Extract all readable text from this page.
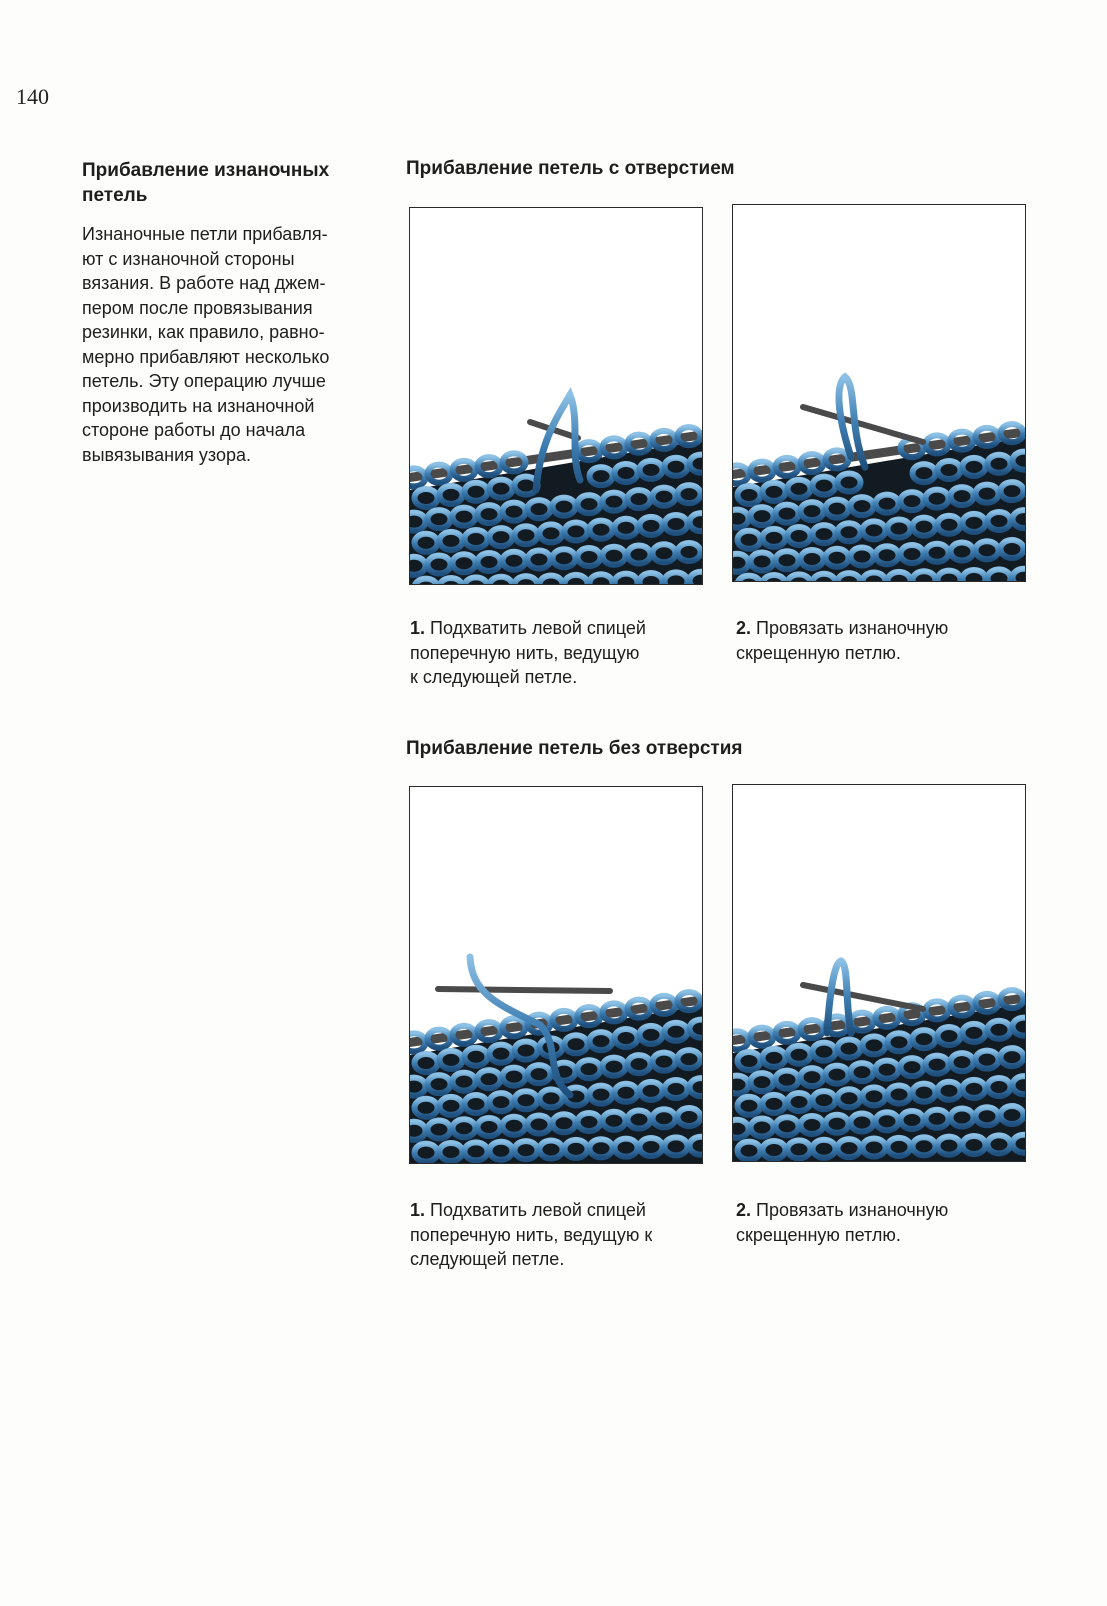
140
Прибавление изнаночных
петель

Изнаночные петли прибавля-
ют с изнаночной стороны
вязания. В работе над джем-
пером после провязывания
резинки, как правило, равно-
мерно прибавляют несколько
петель. Эту операцию лучше
производить на изнаночной
стороне работы до начала
вывязывания узора.

Прибавление петель с отверстием
1. Подхватить левой спицей
поперечную нить, ведущую
к следующей петле.
2. Провязать изнаночную
скрещенную петлю.
Прибавление петель без отверстия
1. Подхватить левой спицей
поперечную нить, ведущую к
следующей петле.
2. Провязать изнаночную
скрещенную петлю.
